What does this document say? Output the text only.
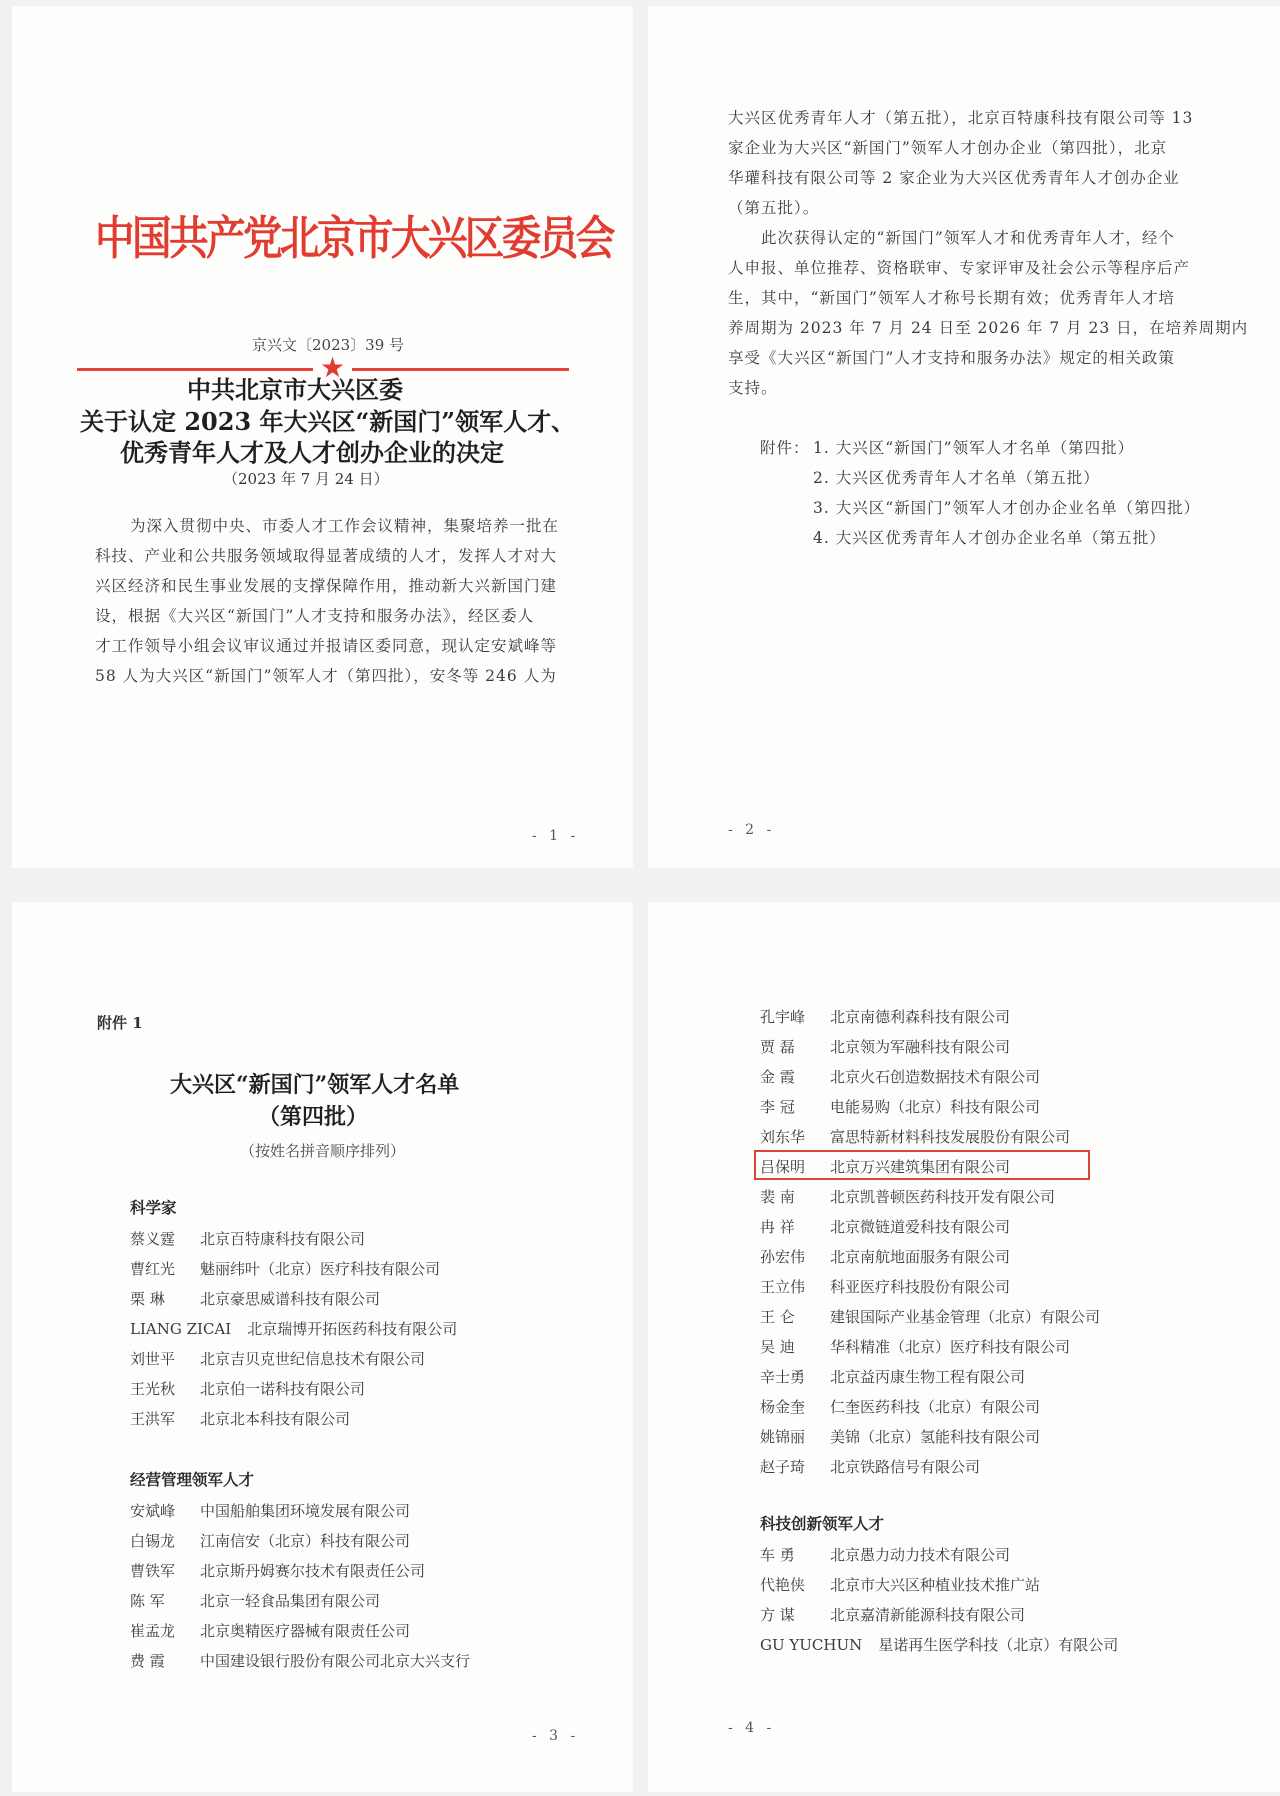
中国共产党北京市大兴区委员会
京兴文〔2023〕39 号
★
中共北京市大兴区委
关于认定 2023 年大兴区“新国门”领军人才、
优秀青年人才及人才创办企业的决定
（2023 年 7 月 24 日）
为深入贯彻中央、市委人才工作会议精神，集聚培养一批在
科技、产业和公共服务领域取得显著成绩的人才，发挥人才对大
兴区经济和民生事业发展的支撑保障作用，推动新大兴新国门建
设，根据《大兴区“新国门”人才支持和服务办法》，经区委人
才工作领导小组会议审议通过并报请区委同意，现认定安斌峰等
58 人为大兴区“新国门”领军人才（第四批），安冬等 246 人为
- 1 -
大兴区优秀青年人才（第五批），北京百特康科技有限公司等 13
家企业为大兴区“新国门”领军人才创办企业（第四批），北京
华瓘科技有限公司等 2 家企业为大兴区优秀青年人才创办企业
（第五批）。
此次获得认定的“新国门”领军人才和优秀青年人才，经个
人申报、单位推荐、资格联审、专家评审及社会公示等程序后产
生，其中，“新国门”领军人才称号长期有效；优秀青年人才培
养周期为 2023 年 7 月 24 日至 2026 年 7 月 23 日，在培养周期内
享受《大兴区“新国门”人才支持和服务办法》规定的相关政策
支持。
附件： 1. 大兴区“新国门”领军人才名单（第四批）
2. 大兴区优秀青年人才名单（第五批）
3. 大兴区“新国门”领军人才创办企业名单（第四批）
4. 大兴区优秀青年人才创办企业名单（第五批）
- 2 -
附件 1
大兴区“新国门”领军人才名单
（第四批）
（按姓名拼音顺序排列）
科学家
蔡义霆 北京百特康科技有限公司
曹红光 魅丽纬叶（北京）医疗科技有限公司
栗 琳 北京豪思威谱科技有限公司
LIANG ZICAI 北京瑞博开拓医药科技有限公司
刘世平 北京吉贝克世纪信息技术有限公司
王光秋 北京伯一诺科技有限公司
王洪军 北京北本科技有限公司
经营管理领军人才
安斌峰 中国船舶集团环境发展有限公司
白锡龙 江南信安（北京）科技有限公司
曹铁军 北京斯丹姆赛尔技术有限责任公司
陈 军 北京一轻食品集团有限公司
崔孟龙 北京奥精医疗器械有限责任公司
费 霞 中国建设银行股份有限公司北京大兴支行
- 3 -
孔宇峰 北京南德利森科技有限公司
贾 磊 北京领为军融科技有限公司
金 霞 北京火石创造数据技术有限公司
李 冠 电能易购（北京）科技有限公司
刘东华 富思特新材料科技发展股份有限公司
吕保明 北京万兴建筑集团有限公司
裴 南 北京凯普顿医药科技开发有限公司
冉 祥 北京微链道爱科技有限公司
孙宏伟 北京南航地面服务有限公司
王立伟 科亚医疗科技股份有限公司
王 仑 建银国际产业基金管理（北京）有限公司
吴 迪 华科精准（北京）医疗科技有限公司
辛士勇 北京益丙康生物工程有限公司
杨金奎 仁奎医药科技（北京）有限公司
姚锦丽 美锦（北京）氢能科技有限公司
赵子琦 北京铁路信号有限公司
科技创新领军人才
车 勇 北京愚力动力技术有限公司
代艳侠 北京市大兴区种植业技术推广站
方 谋 北京嘉清新能源科技有限公司
GU YUCHUN 星诺再生医学科技（北京）有限公司
- 4 -
